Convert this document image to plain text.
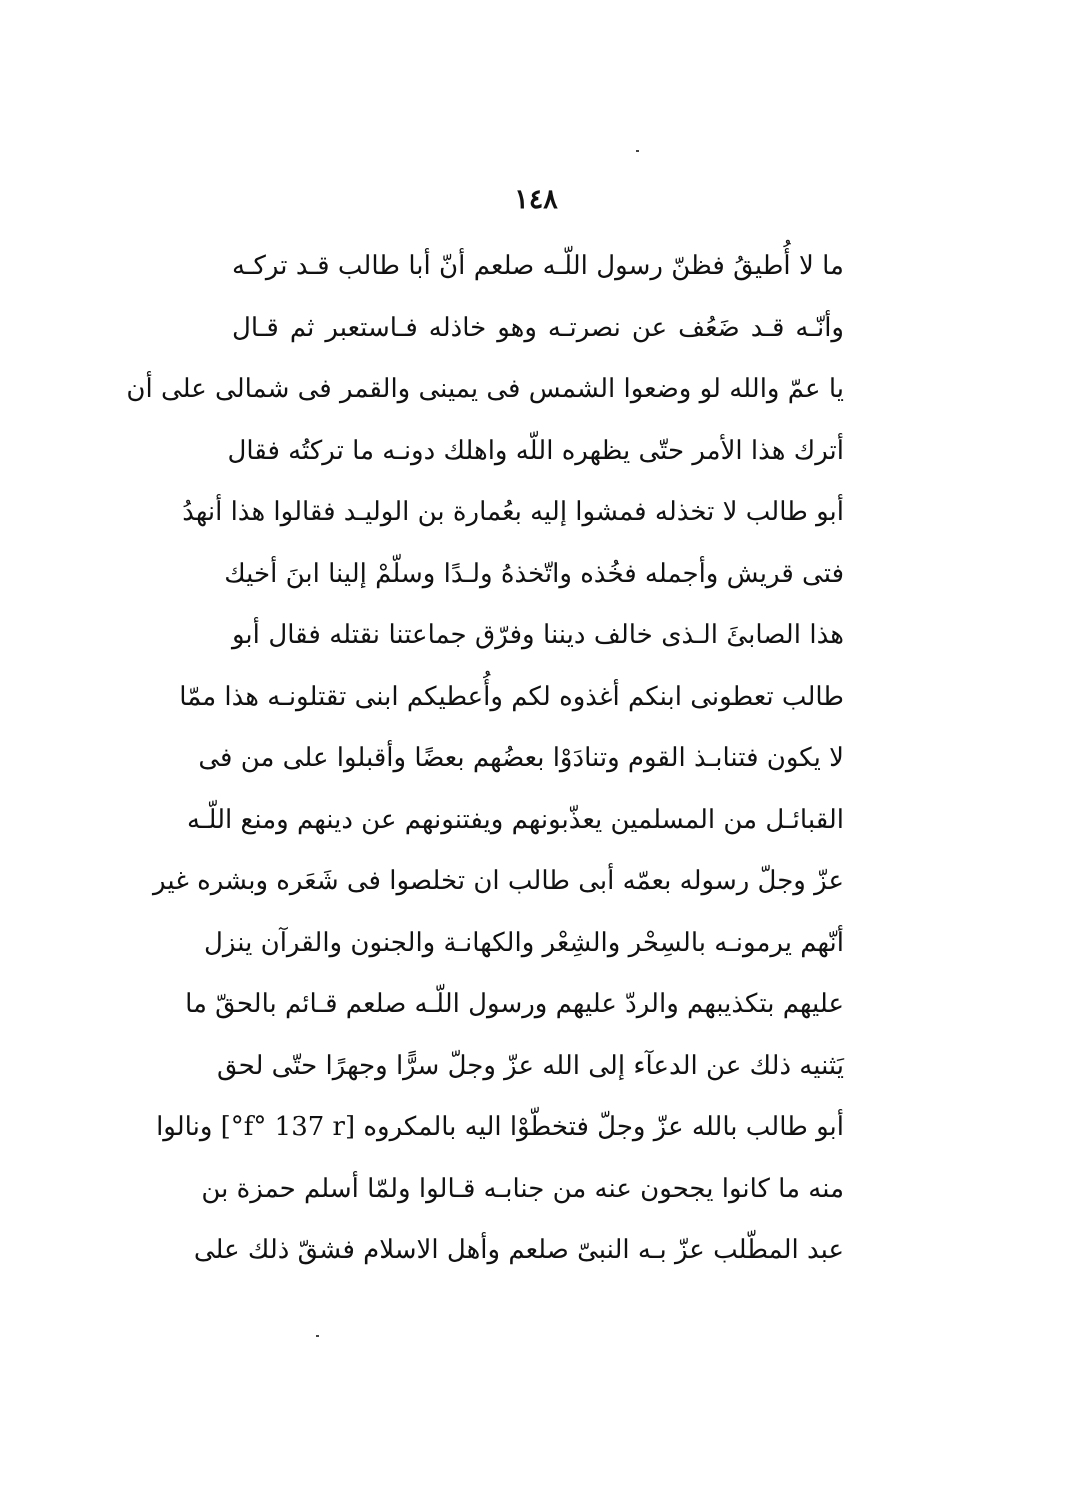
١٤٨
ما لا أُطيقُ فظنّ رسول اللّـه صلعم أنّ أبا طالب قـد تركـه
وأنّـه قـد ضَعُف عن نصرتـه وهو خاذله فـاستعبر ثم قـال
يا عمّ والله لو وضعوا الشمس فى يمينى والقمر فى شمالى على أن
أترك هذا الأمر حتّى يظهره اللّه واهلك دونـه ما تركتُه فقال
أبو طالب لا تخذله فمشوا إليه بعُمارة بن الوليـد فقالوا هذا أنهدُ
فتى قريش وأجمله فخُذه واتّخذهُ ولـدًا وسلّمْ إلينا ابنَ أخيك
هذا الصابئَ الـذى خالف ديننا وفرّق جماعتنا نقتله فقال أبو
طالب تعطونى ابنكم أغذوه لكم وأُعطيكم ابنى تقتلونـه هذا ممّا
لا يكون فتنابـذ القوم وتنادَوْا بعضُهم بعضًا وأقبلوا على من فى
القبائـل من المسلمين يعذّبونهم ويفتنونهم عن دينهم ومنع اللّـه
عزّ وجلّ رسوله بعمّه أبى طالب ان تخلصوا فى شَعَره وبشره غير
أنّهم يرمونـه بالسِحْر والشِعْر والكهانـة والجنون والقرآن ينزل
عليهم بتكذيبهم والردّ عليهم ورسول اللّـه صلعم قـائم بالحقّ ما
يَثنيه ذلك عن الدعآء إلى الله عزّ وجلّ سرًّا وجهرًا حتّى لحق
أبو طالب بالله عزّ وجلّ فتخطّوْا اليه بالمكروه [f° 137 r°] ونالوا
منه ما كانوا يجحون عنه من جنابـه قـالوا ولمّا أسلم حمزة بن
عبد المطّلب عزّ بـه النبىّ صلعم وأهل الاسلام فشقّ ذلك على
